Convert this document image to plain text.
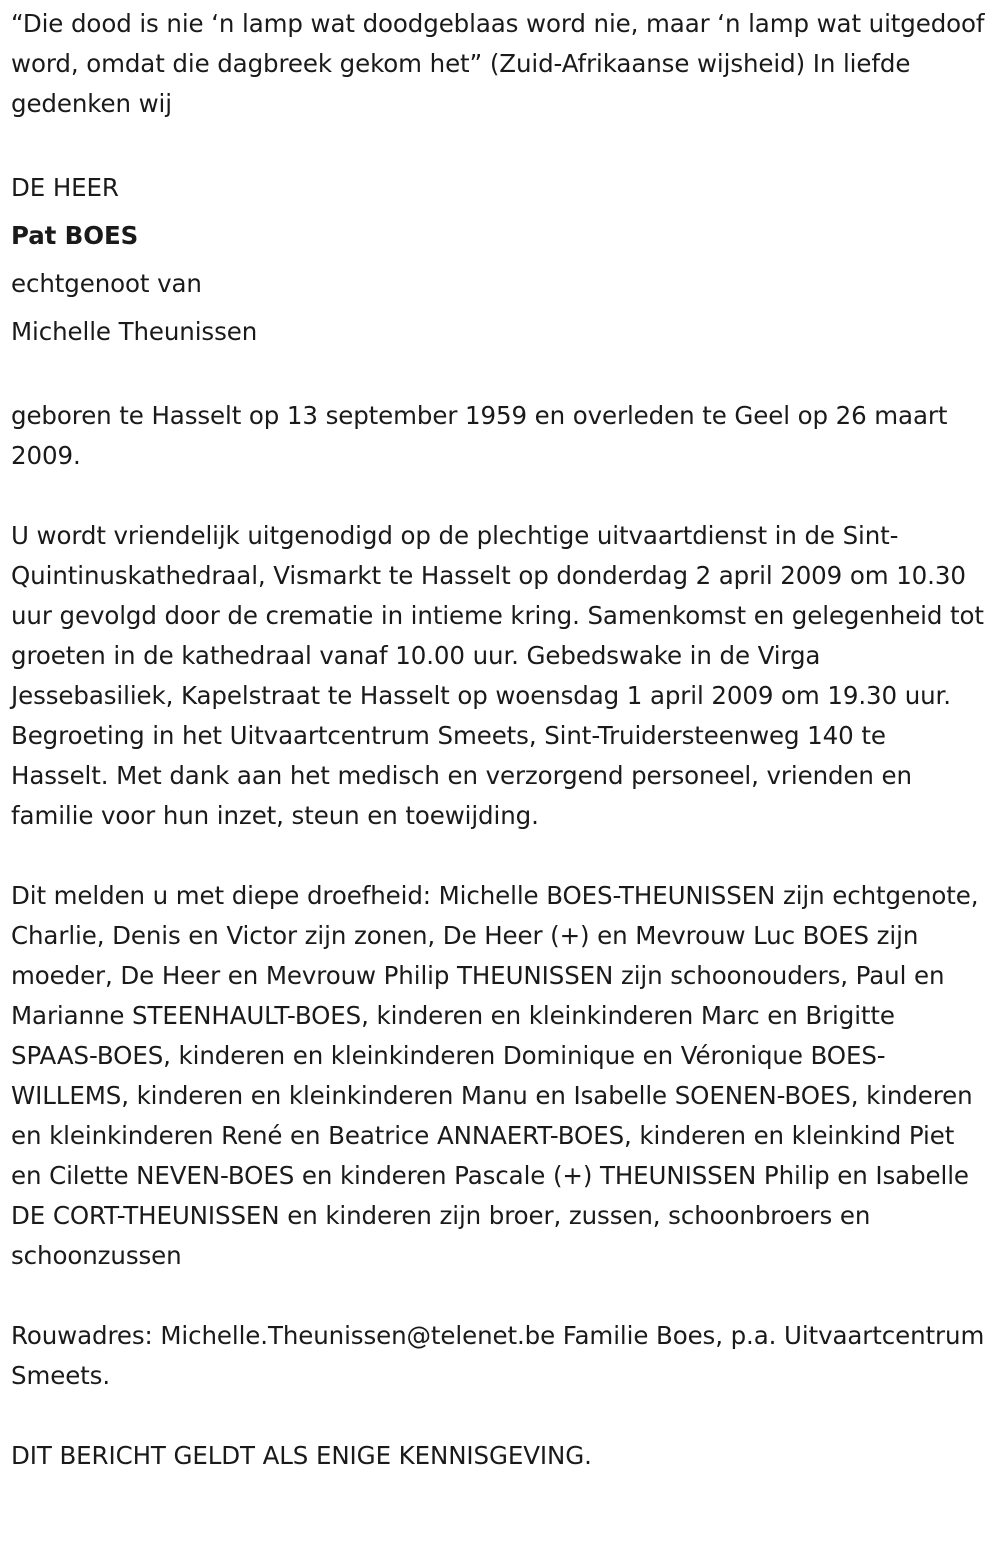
“Die dood is nie ‘n lamp wat doodgeblaas word nie, maar ‘n lamp wat uitgedoof word, omdat die dagbreek gekom het” (Zuid-Afrikaanse wijsheid) In liefde gedenken wij

DE HEER

Pat BOES

echtgenoot van

Michelle Theunissen

geboren te Hasselt op 13 september 1959 en overleden te Geel op 26 maart 2009.

U wordt vriendelijk uitgenodigd op de plechtige uitvaartdienst in de Sint-Quintinuskathedraal, Vismarkt te Hasselt op donderdag 2 april 2009 om 10.30 uur gevolgd door de crematie in intieme kring. Samenkomst en gelegenheid tot groeten in de kathedraal vanaf 10.00 uur. Gebedswake in de Virga Jessebasiliek, Kapelstraat te Hasselt op woensdag 1 april 2009 om 19.30 uur. Begroeting in het Uitvaartcentrum Smeets, Sint-Truidersteenweg 140 te Hasselt. Met dank aan het medisch en verzorgend personeel, vrienden en familie voor hun inzet, steun en toewijding.

Dit melden u met diepe droefheid: Michelle BOES-THEUNISSEN zijn echtgenote, Charlie, Denis en Victor zijn zonen, De Heer (+) en Mevrouw Luc BOES zijn moeder, De Heer en Mevrouw Philip THEUNISSEN zijn schoonouders, Paul en Marianne STEENHAULT-BOES, kinderen en kleinkinderen Marc en Brigitte SPAAS-BOES, kinderen en kleinkinderen Dominique en Véronique BOES-WILLEMS, kinderen en kleinkinderen Manu en Isabelle SOENEN-BOES, kinderen en kleinkinderen René en Beatrice ANNAERT-BOES, kinderen en kleinkind Piet en Cilette NEVEN-BOES en kinderen Pascale (+) THEUNISSEN Philip en Isabelle DE CORT-THEUNISSEN en kinderen zijn broer, zussen, schoonbroers en schoonzussen

Rouwadres: Michelle.Theunissen@telenet.be Familie Boes, p.a. Uitvaartcentrum Smeets.

DIT BERICHT GELDT ALS ENIGE KENNISGEVING.
